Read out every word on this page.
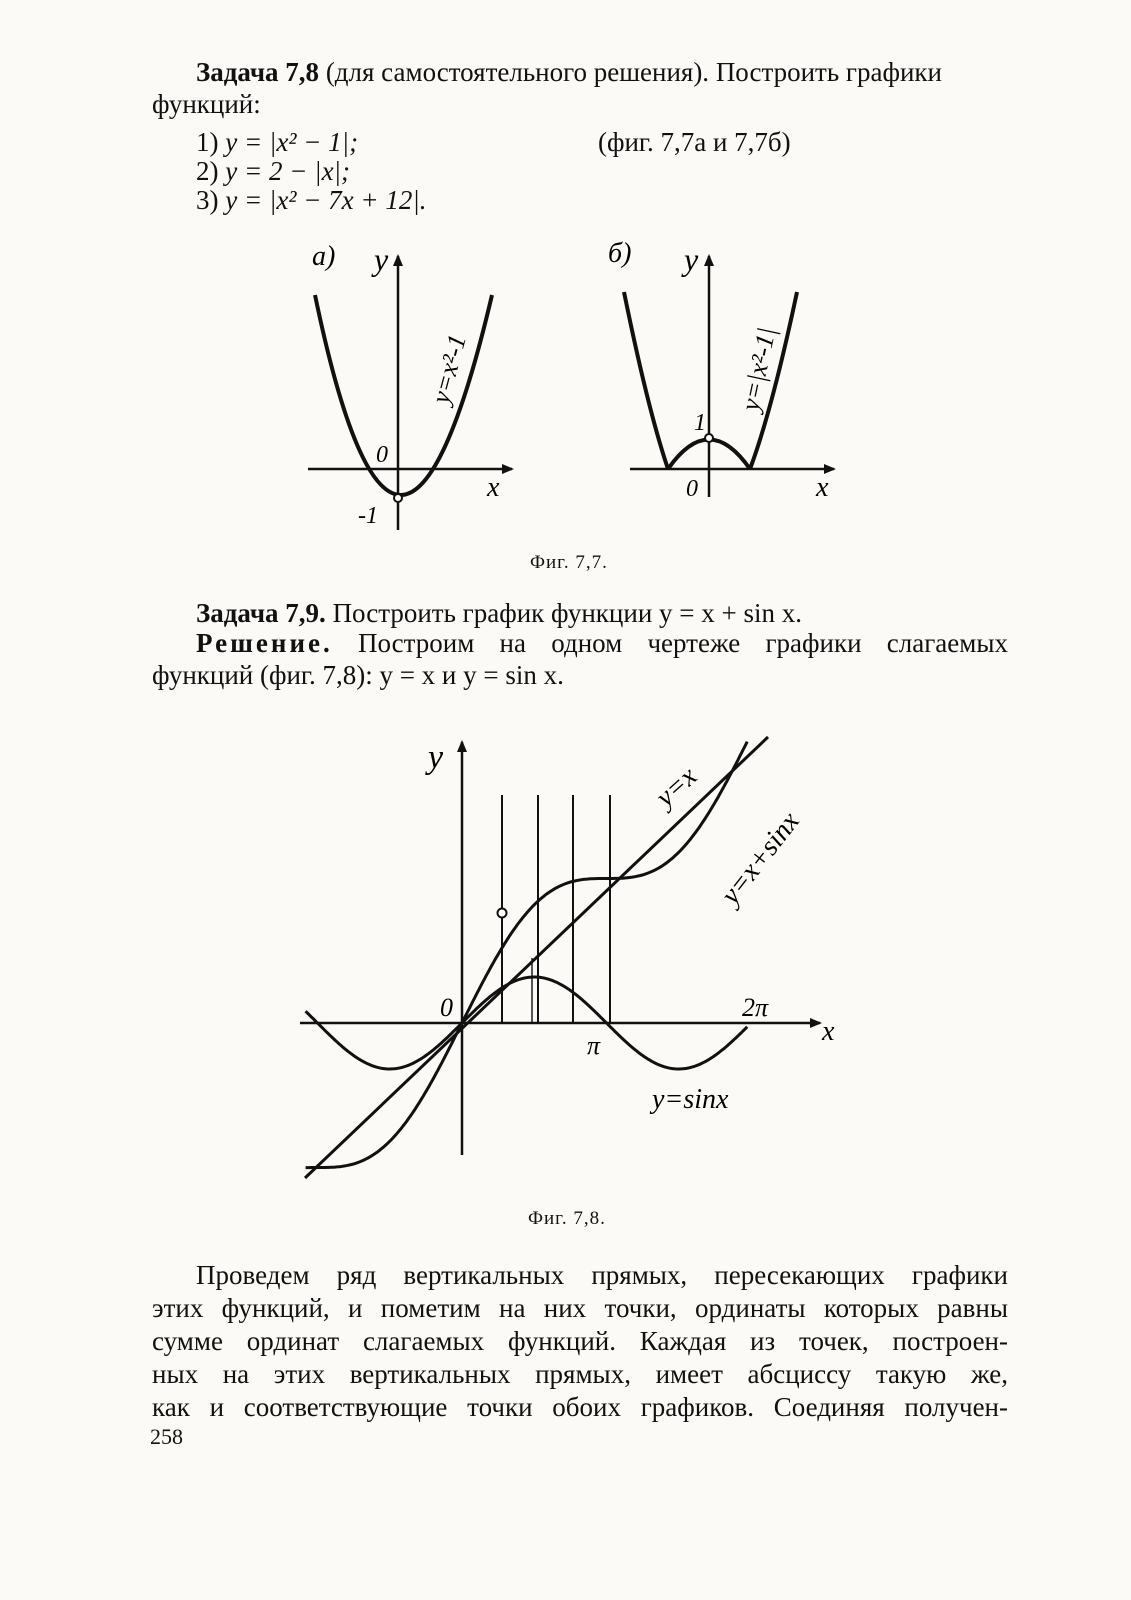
Задача 7,8 (для самостоятельного решения). Построить графики
функций:
1) y = |x² − 1|;
2) y = 2 − |x|;
3) y = |x² − 7x + 12|.
(фиг. 7,7а и 7,7б)
а) y
x
0
-1
y=x²-1
б) y
x
0
1
y=|x²-1|
y
x
0
π
2π
y=x
y=x+sinx
y=sinx
Фиг. 7,7.
Задача 7,9. Построить график функции y = x + sin x.
Решение. Построим на одном чертеже графики слагаемых
функций (фиг. 7,8): y = x и y = sin x.
Фиг. 7,8.
Проведем ряд вертикальных прямых, пересекающих графики
этих функций, и пометим на них точки, ординаты которых равны
сумме ординат слагаемых функций. Каждая из точек, построен-
ных на этих вертикальных прямых, имеет абсциссу такую же,
как и соответствующие точки обоих графиков. Соединяя получен-
258
